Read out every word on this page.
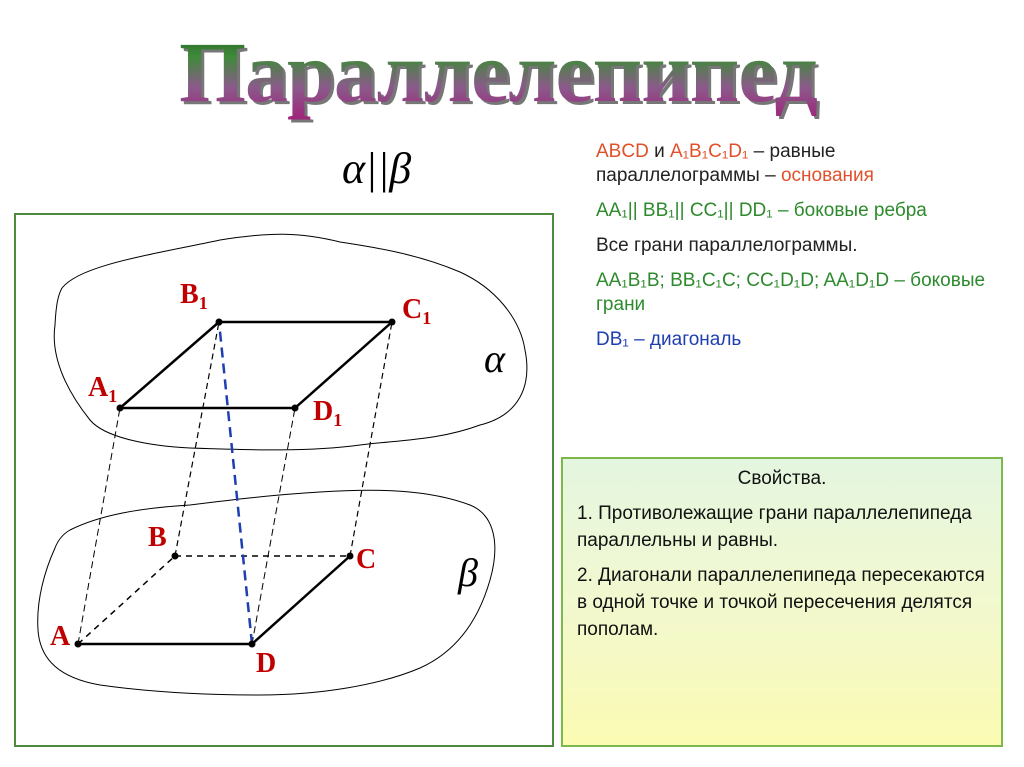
Параллелепипед
α||β
A
D
B
C
$A_1$	$D_1$
$B_1$	$C_1$
α
β

ABCD и A₁B₁C₁D₁ – равные параллелограммы – основания

AA₁|| BB₁|| CC₁|| DD₁ – боковые ребра

Все грани параллелограммы.

AA₁B₁B; BB₁C₁C; CC₁D₁D; AA₁D₁D – боковые грани

DB₁ – диагональ

Свойства.

1. Противолежащие грани параллелепипеда параллельны и равны.

2. Диагонали параллелепипеда пересекаются в одной точке и точкой пересечения делятся пополам.
